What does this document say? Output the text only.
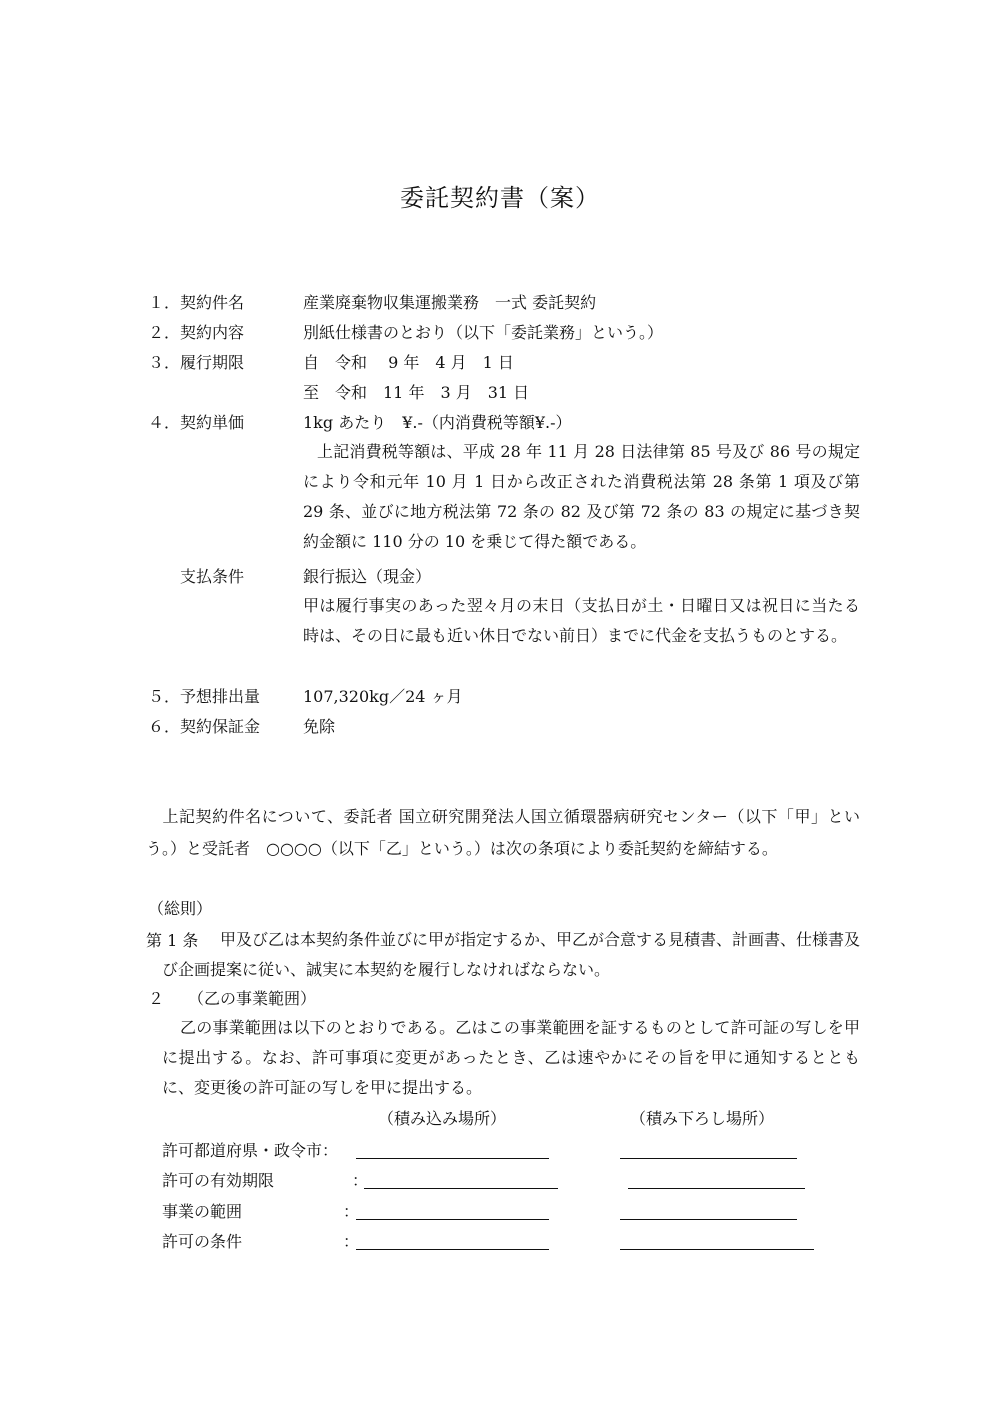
委託契約書（案）
１．契約件名	産業廃棄物収集運搬業務　一式 委託契約
２．契約内容	別紙仕様書のとおり（以下「委託業務」という。）
３．履行期限	自　令和　 9 年　4 月　1 日
至　令和　11 年　3 月　31 日
４．契約単価	1kg あたり　¥.-（内消費税等額¥.-）
上記消費税等額は、平成 28 年 11 月 28 日法律第 85 号及び 86 号の規定により令和元年 10 月 1 日から改正された消費税法第 28 条第 1 項及び第 29 条、並びに地方税法第 72 条の 82 及び第 72 条の 83 の規定に基づき契約金額に 110 分の 10 を乗じて得た額である。
支払条件	銀行振込（現金）
甲は履行事実のあった翌々月の末日（支払日が土・日曜日又は祝日に当たる時は、その日に最も近い休日でない前日）までに代金を支払うものとする。
５．予想排出量	107,320kg／24 ヶ月
６．契約保証金	免除
　上記契約件名について、委託者 国立研究開発法人国立循環器病研究センター（以下「甲」という。）と受託者　○○○○（以下「乙」という。）は次の条項により委託契約を締結する。
（総則）
第 1 条	甲及び乙は本契約条件並びに甲が指定するか、甲乙が合意する見積書、計画書、仕様書及び企画提案に従い、誠実に本契約を履行しなければならない。
２ （乙の事業範囲）
乙の事業範囲は以下のとおりである。乙はこの事業範囲を証するものとして許可証の写しを甲に提出する。なお、許可事項に変更があったとき、乙は速やかにその旨を甲に通知するとともに、変更後の許可証の写しを甲に提出する。
（積み込み場所）	（積み下ろし場所）
許可都道府県・政令市：
許可の有効期限	：
事業の範囲	：
許可の条件	：
